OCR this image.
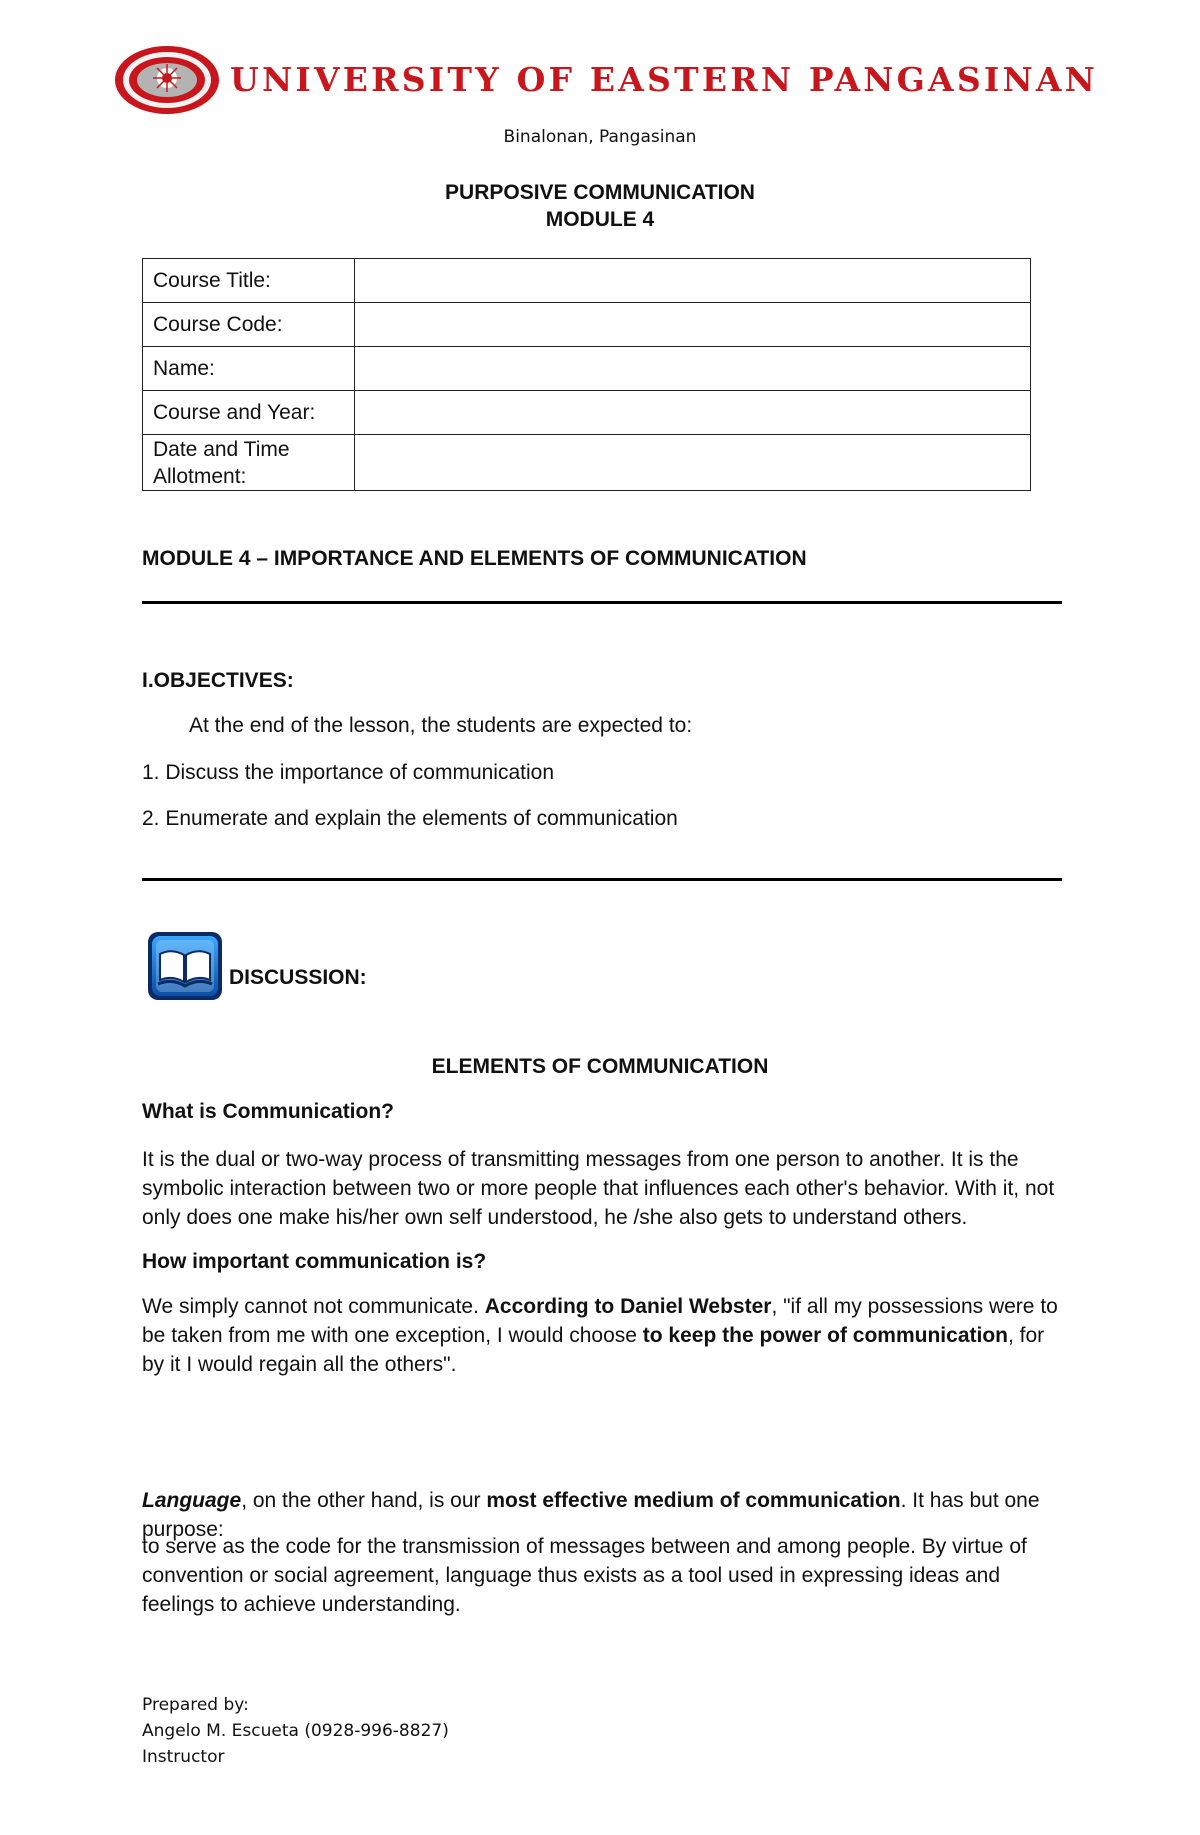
UNIVERSITY OF EASTERN PANGASINAN
Binalonan, Pangasinan
PURPOSIVE COMMUNICATION
MODULE 4
Course Title:	
Course Code:	
Name:	
Course and Year:	
Date and Time Allotment:	
MODULE 4 – IMPORTANCE AND ELEMENTS OF COMMUNICATION
I.OBJECTIVES:
At the end of the lesson, the students are expected to:
1. Discuss the importance of communication
2. Enumerate and explain the elements of communication
DISCUSSION:
ELEMENTS OF COMMUNICATION
What is Communication?
It is the dual or two-way process of transmitting messages from one person to another. It is the symbolic interaction between two or more people that influences each other's behavior. With it, not only does one make his/her own self understood, he /she also gets to understand others.
How important communication is?
We simply cannot not communicate. According to Daniel Webster, "if all my possessions were to be taken from me with one exception, I would choose to keep the power of communication, for by it I would regain all the others".
Language, on the other hand, is our most effective medium of communication. It has but one purpose:
to serve as the code for the transmission of messages between and among people. By virtue of convention or social agreement, language thus exists as a tool used in expressing ideas and feelings to achieve understanding.
Prepared by:
Angelo M. Escueta (0928-996-8827)
Instructor
